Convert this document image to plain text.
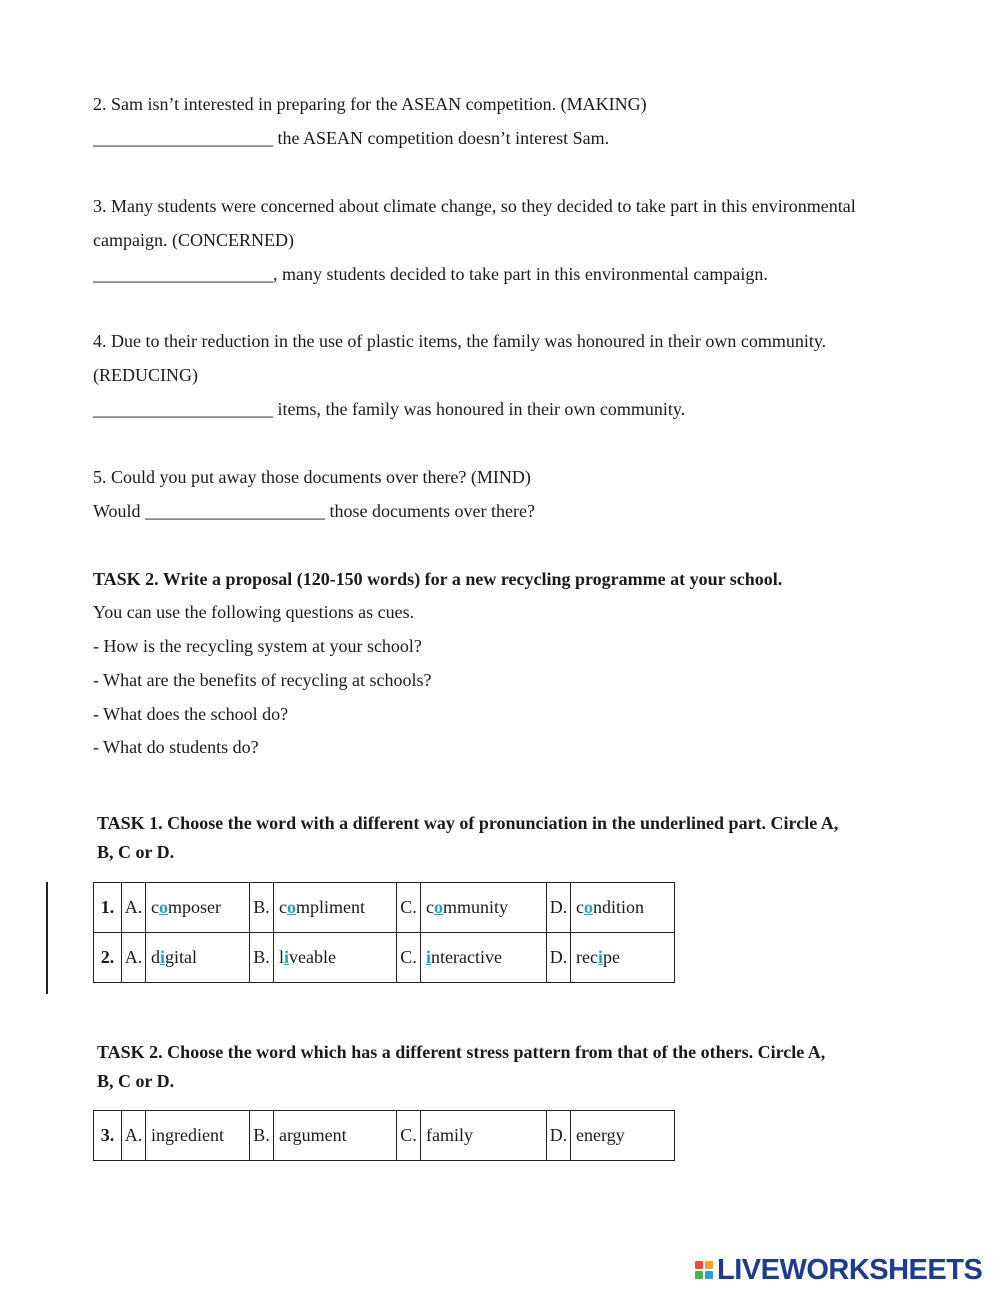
2. Sam isn’t interested in preparing for the ASEAN competition. (MAKING)
____________________ the ASEAN competition doesn’t interest Sam.
3. Many students were concerned about climate change, so they decided to take part in this environmental
campaign. (CONCERNED)
____________________, many students decided to take part in this environmental campaign.
4. Due to their reduction in the use of plastic items, the family was honoured in their own community.
(REDUCING)
____________________ items, the family was honoured in their own community.
5. Could you put away those documents over there? (MIND)
Would ____________________ those documents over there?
TASK 2. Write a proposal (120-150 words) for a new recycling programme at your school.
You can use the following questions as cues.
- How is the recycling system at your school?
- What are the benefits of recycling at schools?
- What does the school do?
- What do students do?
TASK 1. Choose the word with a different way of pronunciation in the underlined part. Circle A,
B, C or D.
1.	A.	composer	B.	compliment	C.	community	D.	condition
2.	A.	digital	B.	liveable	C.	interactive	D.	recipe
TASK 2. Choose the word which has a different stress pattern from that of the others. Circle A,
B, C or D.
3.	A.	ingredient	B.	argument	C.	family	D.	energy
LIVEWORKSHEETS
